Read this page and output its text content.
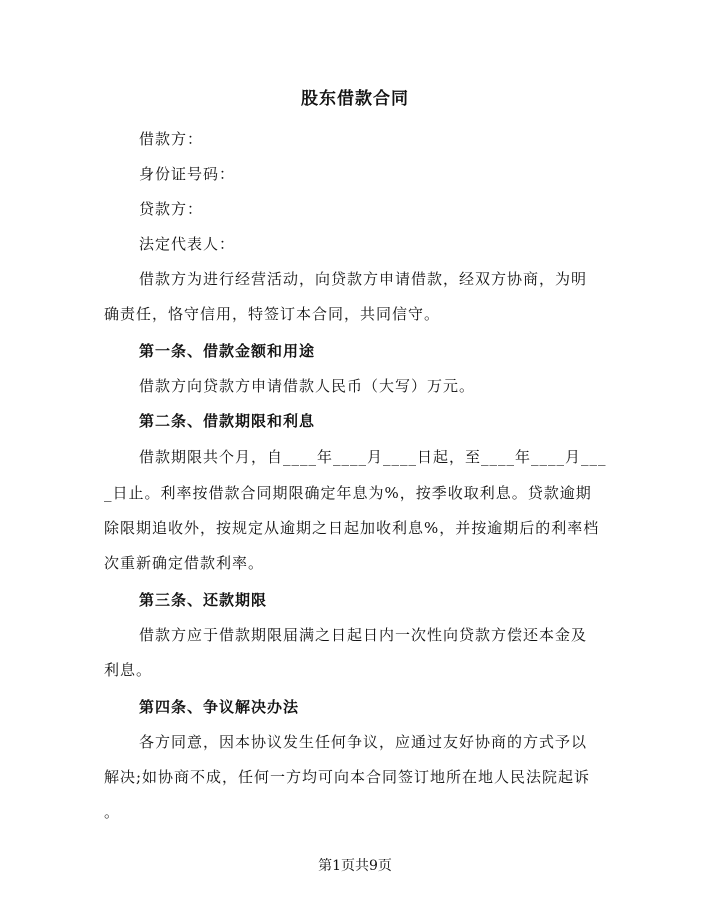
股东借款合同
借款方：
身份证号码：
贷款方：
法定代表人：
借款方为进行经营活动，向贷款方申请借款，经双方协商，为明
确责任，恪守信用，特签订本合同，共同信守。
第一条、借款金额和用途
借款方向贷款方申请借款人民币（大写）万元。
第二条、借款期限和利息
借款期限共个月，自____年____月____日起，至____年____月___
_日止。利率按借款合同期限确定年息为%，按季收取利息。贷款逾期
除限期追收外，按规定从逾期之日起加收利息%，并按逾期后的利率档
次重新确定借款利率。
第三条、还款期限
借款方应于借款期限届满之日起日内一次性向贷款方偿还本金及
利息。
第四条、争议解决办法
各方同意，因本协议发生任何争议，应通过友好协商的方式予以
解决;如协商不成，任何一方均可向本合同签订地所在地人民法院起诉
。
第1页共9页
